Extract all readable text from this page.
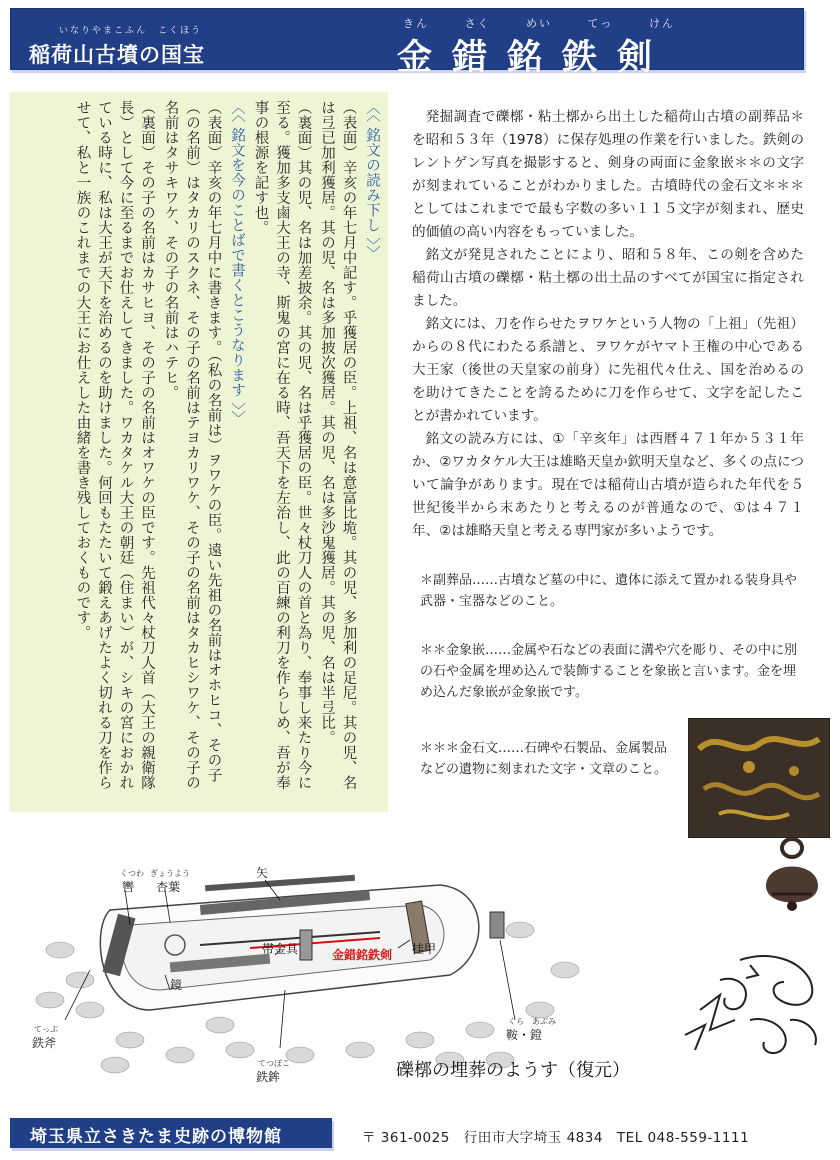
いなりやまこふん　こくほう
稲荷山古墳の国宝
きん さく めい てっ けん
金錯銘鉄剣

〈〈 銘文の読み下し 〉〉

（表面）辛亥の年七月中記す。乎獲居の臣。上祖、名は意富比垝。其の児、多加利の足尼。其の児、名は弖已加利獲居。其の児、名は多加披次獲居。其の児、名は多沙鬼獲居。其の児、名は半弖比。

（裏面）其の児、名は加差披余。其の児、名は乎獲居の臣。世々杖刀人の首と為り、奉事し来たり今に至る。獲加多支鹵大王の寺、斯鬼の宮に在る時、吾天下を左治し、此の百練の利刀を作らしめ、吾が奉事の根源を記す也。

〈〈 銘文を今のことばで書くとこうなります 〉〉

（表面）辛亥の年七月中に書きます。（私の名前は）ヲワケの臣。遠い先祖の名前はオホヒコ、その子（の名前）はタカリのスクネ、その子の名前はテヨカリワケ、その子の名前はタカヒシワケ、その子の名前はタサキワケ、その子の名前はハテヒ。

（裏面）その子の名前はカサヒヨ、その子の名前はオワケの臣です。先祖代々杖刀人首（大王の親衛隊長）として今に至るまでお仕えしてきました。ワカタケル大王の朝廷（住まい）が、シキの宮におかれている時に、私は大王が天下を治めるのを助けました。何回もたたいて鍛えあげたよく切れる刀を作らせて、私と一族のこれまでの大王にお仕えした由緒を書き残しておくものです。	発掘調査で礫槨・粘土槨から出土した稲荷山古墳の副葬品＊を昭和５３年（1978）に保存処理の作業を行いました。鉄剣のレントゲン写真を撮影すると、剣身の両面に金象嵌＊＊の文字が刻まれていることがわかりました。古墳時代の金石文＊＊＊としてはこれまでで最も字数の多い１１５文字が刻まれ、歴史的価値の高い内容をもっていました。

銘文が発見されたことにより、昭和５８年、この剣を含めた稲荷山古墳の礫槨・粘土槨の出土品のすべてが国宝に指定されました。

銘文には、刀を作らせたヲワケという人物の「上祖」（先祖）からの８代にわたる系譜と、ヲワケがヤマト王権の中心である大王家（後世の天皇家の前身）に先祖代々仕え、国を治めるのを助けてきたことを誇るために刀を作らせて、文字を記したことが書かれています。

銘文の読み方には、①「辛亥年」は西暦４７１年か５３１年か、②ワカタケル大王は雄略天皇か欽明天皇など、多くの点について論争があります。現在では稲荷山古墳が造られた年代を５世紀後半から末あたりと考えるのが普通なので、①は４７１年、②は雄略天皇と考える専門家が多いようです。

＊副葬品……古墳など墓の中に、遺体に添えて置かれる装身具や武器・宝器などのこと。
＊＊金象嵌……金属や石などの表面に溝や穴を彫り、その中に別の石や金属を埋め込んで装飾することを象嵌と言います。金を埋め込んだ象嵌が金象嵌です。
＊＊＊金石文……石碑や石製品、金属製品などの遺物に刻まれた文字・文章のこと。
くつわ
轡
ぎょうよう
杏葉
矢
帯金具	金錯銘鉄剣 挂甲
鏡
てっぷ
鉄斧
てつぼこ
鉄鉾
くら　あぶみ
鞍・鐙
礫槨の埋葬のようす（復元）
埼玉県立さきたま史跡の博物館	〒 361-0025　行田市大字埼玉 4834　TEL 048-559-1111
